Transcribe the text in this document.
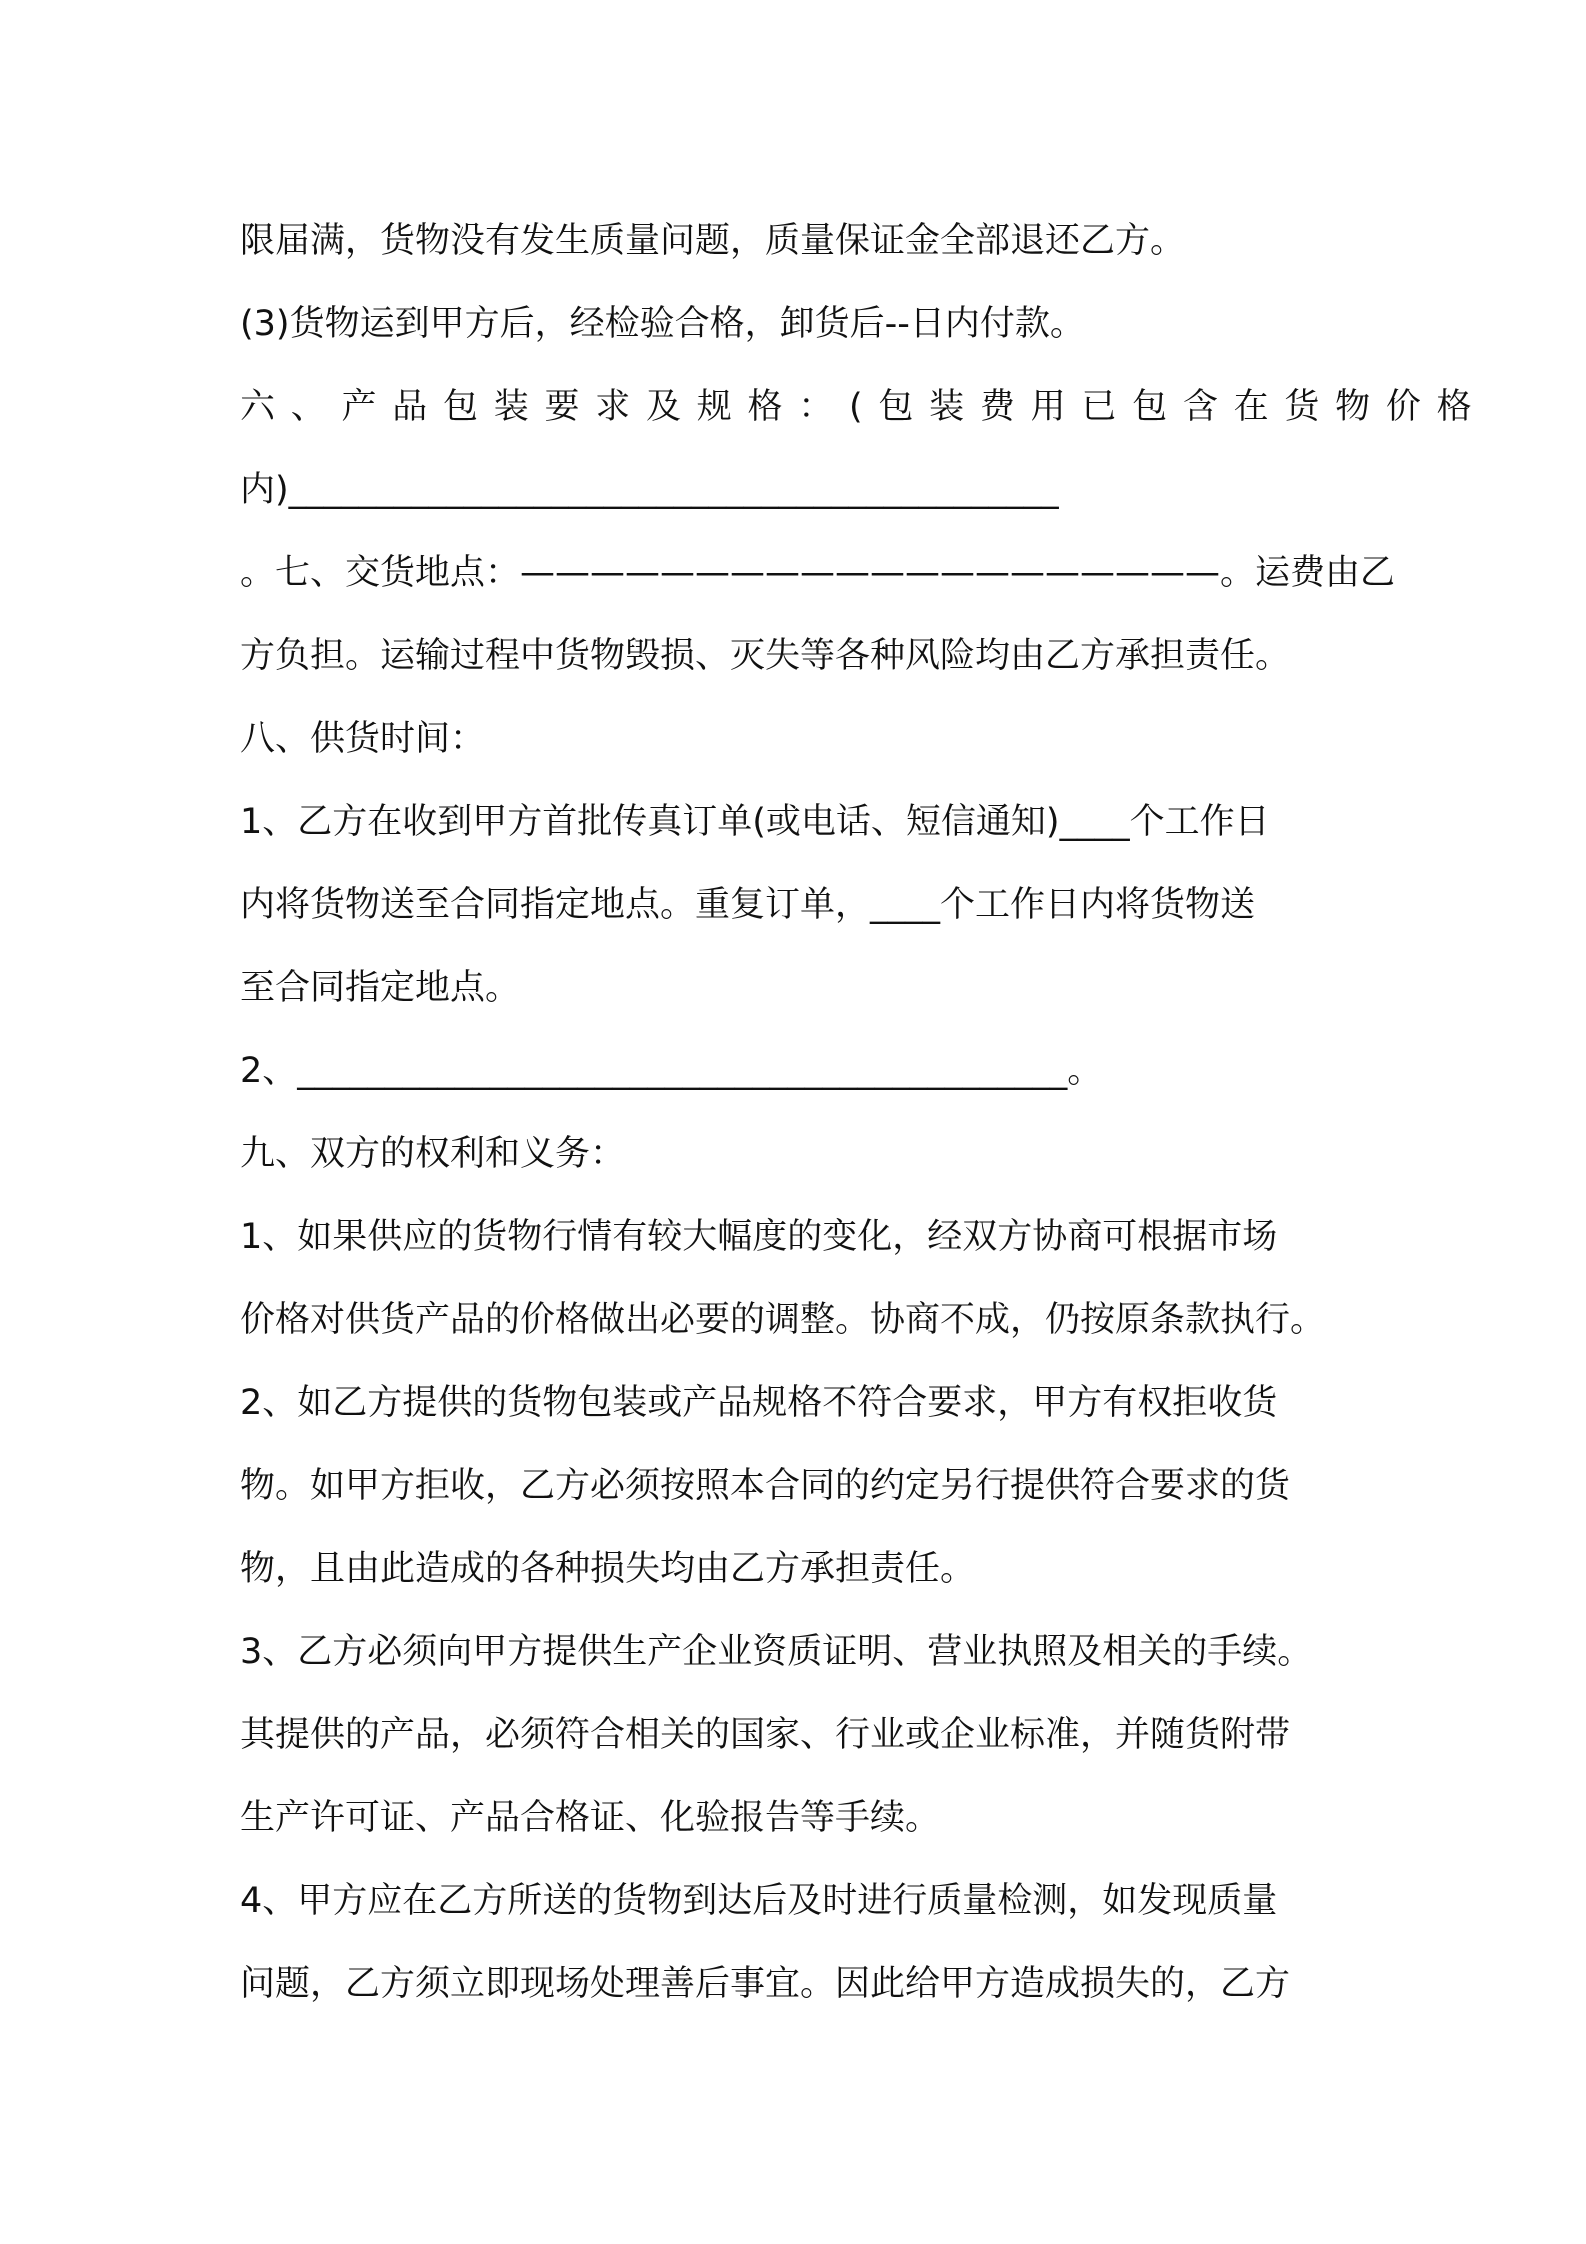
限届满，货物没有发生质量问题，质量保证金全部退还乙方。
(3)货物运到甲方后，经检验合格，卸货后--日内付款。
六、产品包装要求及规格：(包装费用已包含在货物价格
内)____________________________________________
。七、交货地点：————————————————————。运费由乙
方负担。运输过程中货物毁损、灭失等各种风险均由乙方承担责任。
八、供货时间：
1、乙方在收到甲方首批传真订单(或电话、短信通知)____个工作日
内将货物送至合同指定地点。重复订单，____个工作日内将货物送
至合同指定地点。
2、____________________________________________。
九、双方的权利和义务：
1、如果供应的货物行情有较大幅度的变化，经双方协商可根据市场
价格对供货产品的价格做出必要的调整。协商不成，仍按原条款执行。
2、如乙方提供的货物包装或产品规格不符合要求，甲方有权拒收货
物。如甲方拒收，乙方必须按照本合同的约定另行提供符合要求的货
物，且由此造成的各种损失均由乙方承担责任。
3、乙方必须向甲方提供生产企业资质证明、营业执照及相关的手续。
其提供的产品，必须符合相关的国家、行业或企业标准，并随货附带
生产许可证、产品合格证、化验报告等手续。
4、甲方应在乙方所送的货物到达后及时进行质量检测，如发现质量
问题，乙方须立即现场处理善后事宜。因此给甲方造成损失的，乙方
